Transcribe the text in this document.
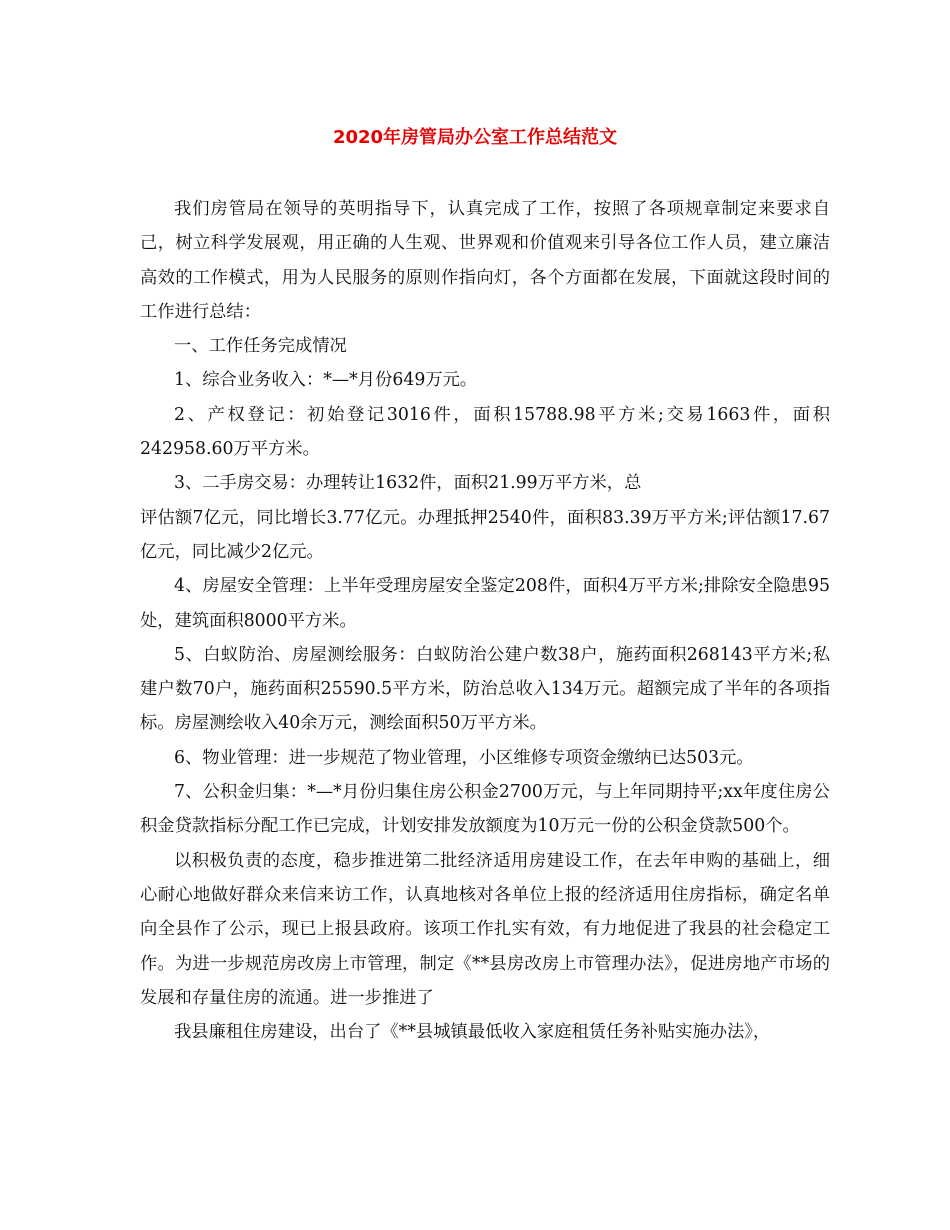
2020年房管局办公室工作总结范文

我们房管局在领导的英明指导下，认真完成了工作，按照了各项规章制定来要求自己，树立科学发展观，用正确的人生观、世界观和价值观来引导各位工作人员，建立廉洁高效的工作模式，用为人民服务的原则作指向灯，各个方面都在发展，下面就这段时间的工作进行总结：

一、工作任务完成情况

1、综合业务收入：*—*月份649万元。

2、产权登记：初始登记3016件，面积15788.98平方米;交易1663件，面积242958.60万平方米。

3、二手房交易：办理转让1632件，面积21.99万平方米，总

评估额7亿元，同比增长3.77亿元。办理抵押2540件，面积83.39万平方米;评估额17.67亿元，同比减少2亿元。

4、房屋安全管理：上半年受理房屋安全鉴定208件，面积4万平方米;排除安全隐患95处，建筑面积8000平方米。

5、白蚁防治、房屋测绘服务：白蚁防治公建户数38户，施药面积268143平方米;私建户数70户，施药面积25590.5平方米，防治总收入134万元。超额完成了半年的各项指标。房屋测绘收入40余万元，测绘面积50万平方米。

6、物业管理：进一步规范了物业管理，小区维修专项资金缴纳已达503元。

7、公积金归集：*—*月份归集住房公积金2700万元，与上年同期持平;xx年度住房公积金贷款指标分配工作已完成，计划安排发放额度为10万元一份的公积金贷款500个。

以积极负责的态度，稳步推进第二批经济适用房建设工作，在去年申购的基础上，细心耐心地做好群众来信来访工作，认真地核对各单位上报的经济适用住房指标，确定名单向全县作了公示，现已上报县政府。该项工作扎实有效，有力地促进了我县的社会稳定工作。为进一步规范房改房上市管理，制定《**县房改房上市管理办法》，促进房地产市场的发展和存量住房的流通。进一步推进了

我县廉租住房建设，出台了《**县城镇最低收入家庭租赁任务补贴实施办法》，
